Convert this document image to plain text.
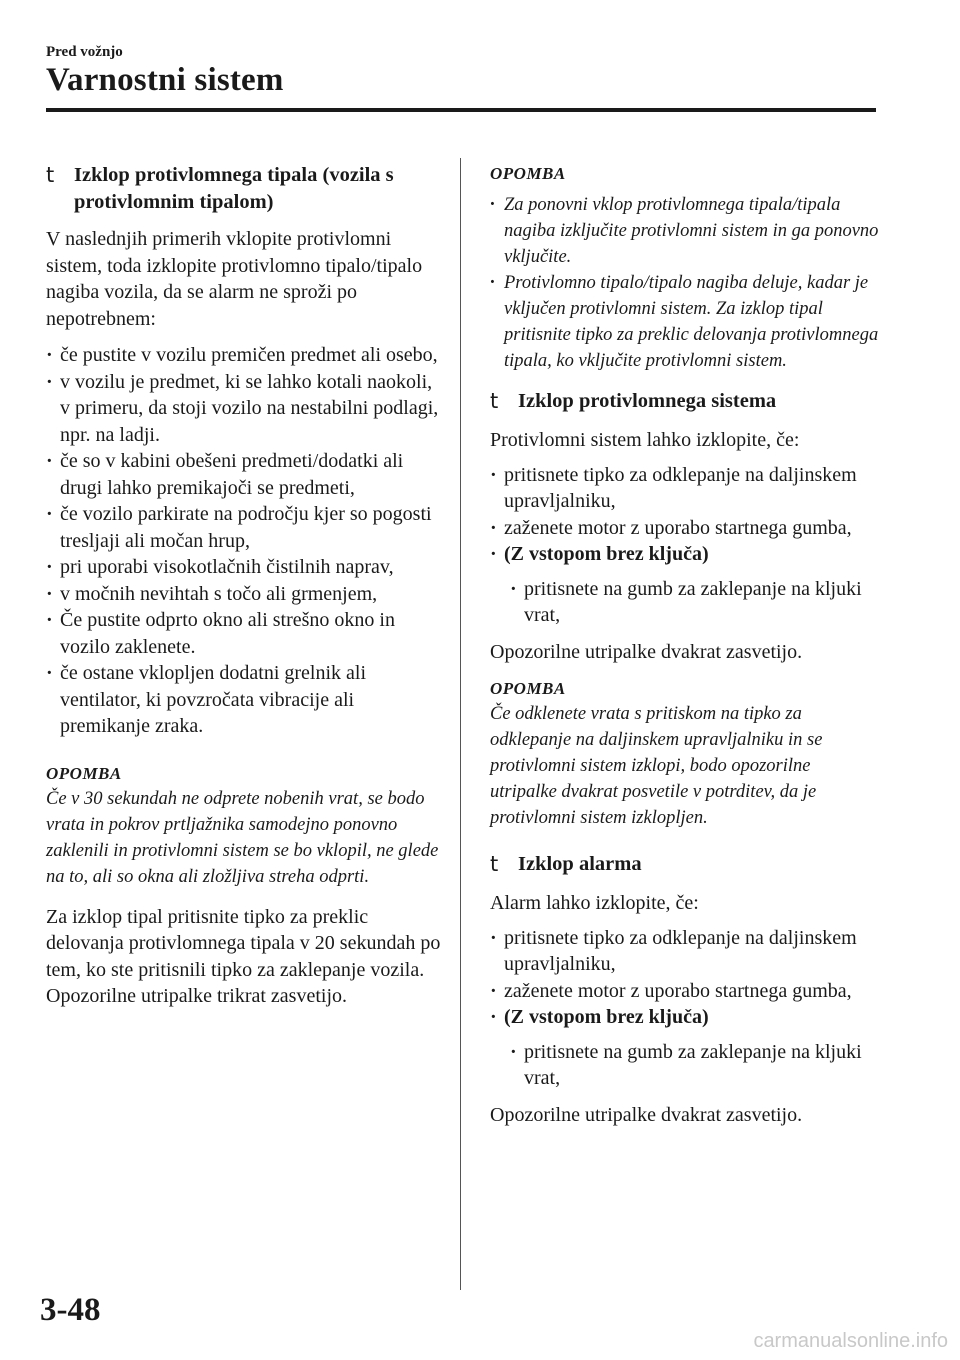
Pred vožnjo
Varnostni sistem
t Izklop protivlomnega tipala (vozila s protivlomnim tipalom)

V naslednjih primerih vklopite protivlomni sistem, toda izklopite protivlomno tipalo/tipalo nagiba vozila, da se alarm ne sproži po nepotrebnem:

· če pustite v vozilu premičen predmet ali osebo,
· v vozilu je predmet, ki se lahko kotali naokoli, v primeru, da stoji vozilo na nestabilni podlagi, npr. na ladji.
· če so v kabini obešeni predmeti/dodatki ali drugi lahko premikajoči se predmeti,
· če vozilo parkirate na področju kjer so pogosti tresljaji ali močan hrup,
· pri uporabi visokotlačnih čistilnih naprav,
· v močnih nevihtah s točo ali grmenjem,
· Če pustite odprto okno ali strešno okno in vozilo zaklenete.
· če ostane vklopljen dodatni grelnik ali ventilator, ki povzročata vibracije ali premikanje zraka.
OPOMBA

Če v 30 sekundah ne odprete nobenih vrat, se bodo vrata in pokrov prtljažnika samodejno ponovno zaklenili in protivlomni sistem se bo vklopil, ne glede na to, ali so okna ali zložljiva streha odprti.

Za izklop tipal pritisnite tipko za preklic delovanja protivlomnega tipala v 20 sekundah po tem, ko ste pritisnili tipko za zaklepanje vozila.

Opozorilne utripalke trikrat zasvetijo.

OPOMBA
· Za ponovni vklop protivlomnega tipala/tipala nagiba izključite protivlomni sistem in ga ponovno vključite.
· Protivlomno tipalo/tipalo nagiba deluje, kadar je vključen protivlomni sistem. Za izklop tipal pritisnite tipko za preklic delovanja protivlomnega tipala, ko vključite protivlomni sistem.
t Izklop protivlomnega sistema

Protivlomni sistem lahko izklopite, če:

· pritisnete tipko za odklepanje na daljinskem upravljalniku,
· zaženete motor z uporabo startnega gumba,
· (Z vstopom brez ključa)
· pritisnete na gumb za zaklepanje na kljuki vrat,

Opozorilne utripalke dvakrat zasvetijo.

OPOMBA

Če odklenete vrata s pritiskom na tipko za odklepanje na daljinskem upravljalniku in se protivlomni sistem izklopi, bodo opozorilne utripalke dvakrat posvetile v potrditev, da je protivlomni sistem izklopljen.

t Izklop alarma

Alarm lahko izklopite, če:

· pritisnete tipko za odklepanje na daljinskem upravljalniku,
· zaženete motor z uporabo startnega gumba,
· (Z vstopom brez ključa)
· pritisnete na gumb za zaklepanje na kljuki vrat,

Opozorilne utripalke dvakrat zasvetijo.

3-48
carmanualsonline.info
